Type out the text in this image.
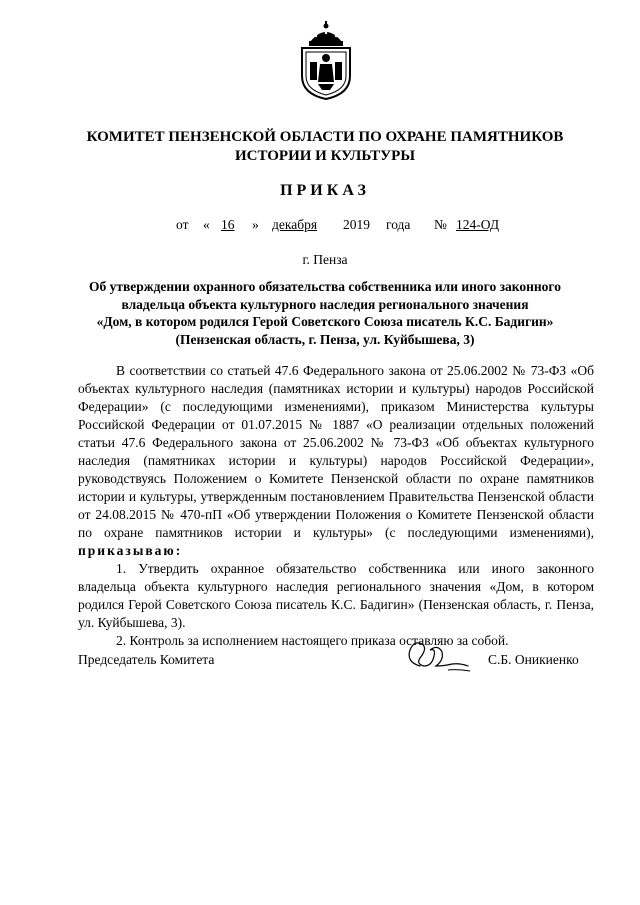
КОМИТЕТ ПЕНЗЕНСКОЙ ОБЛАСТИ ПО ОХРАНЕ ПАМЯТНИКОВ
ИСТОРИИ И КУЛЬТУРЫ
ПРИКАЗ
от « 16 » декабря 2019 года № 124-ОД
г. Пенза
Об утверждении охранного обязательства собственника или иного законного
владельца объекта культурного наследия регионального значения
«Дом, в котором родился Герой Советского Союза писатель К.С. Бадигин»
(Пензенская область, г. Пенза, ул. Куйбышева, 3)

В соответствии со статьей 47.6 Федерального закона от 25.06.2002 № 73-ФЗ «Об объектах культурного наследия (памятниках истории и культуры) народов Российской Федерации» (с последующими изменениями), приказом Министерства культуры Российской Федерации от 01.07.2015 № 1887 «О реализации отдельных положений статьи 47.6 Федерального закона от 25.06.2002 № 73-ФЗ «Об объектах культурного наследия (памятниках истории и культуры) народов Российской Федерации», руководствуясь Положением о Комитете Пензенской области по охране памятников истории и культуры, утвержденным постановлением Правительства Пензенской области от 24.08.2015 № 470-пП «Об утверждении Положения о Комитете Пензенской области по охране памятников истории и культуры» (с последующими изменениями), приказываю:

1. Утвердить охранное обязательство собственника или иного законного владельца объекта культурного наследия регионального значения «Дом, в котором родился Герой Советского Союза писатель К.С. Бадигин» (Пензенская область, г. Пенза, ул. Куйбышева, 3).

2. Контроль за исполнением настоящего приказа оставляю за собой.

Председатель Комитета	С.Б. Оникиенко
